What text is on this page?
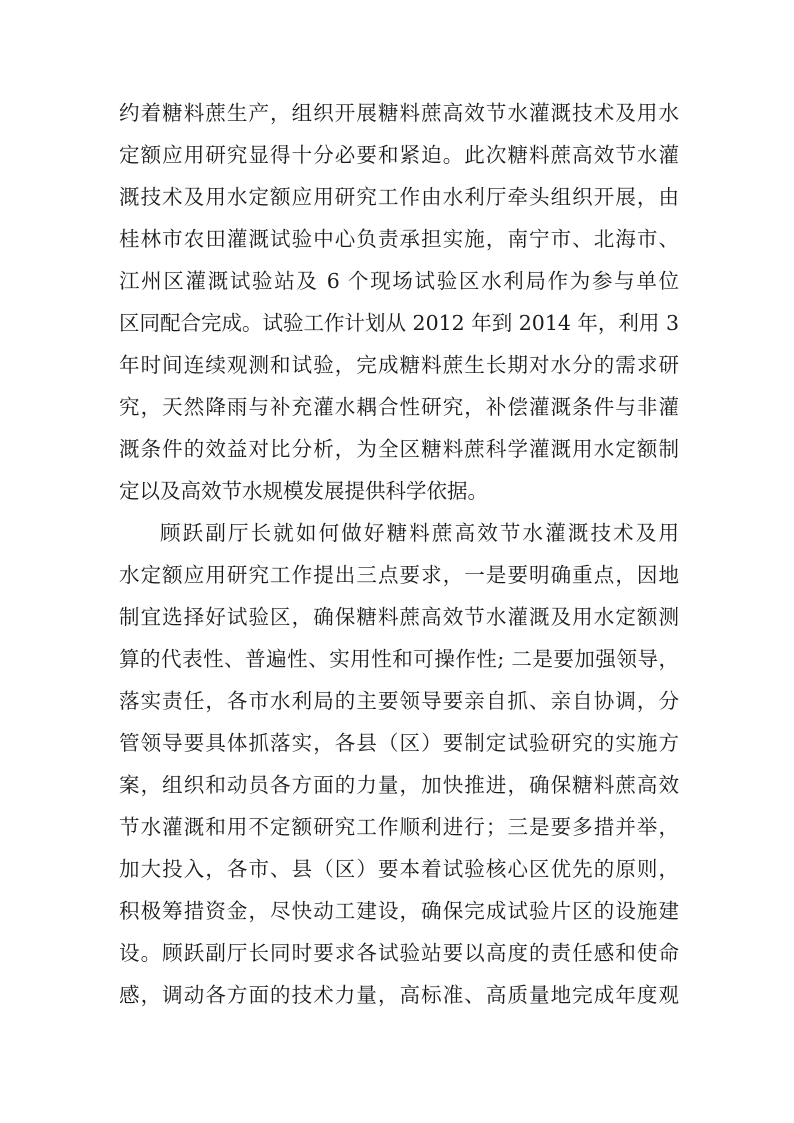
约着糖料蔗生产，组织开展糖料蔗高效节水灌溉技术及用水
定额应用研究显得十分必要和紧迫。此次糖料蔗高效节水灌
溉技术及用水定额应用研究工作由水利厅牵头组织开展，由
桂林市农田灌溉试验中心负责承担实施，南宁市、北海市、
江州区灌溉试验站及 6 个现场试验区水利局作为参与单位
区同配合完成。试验工作计划从 2012 年到 2014 年，利用 3
年时间连续观测和试验，完成糖料蔗生长期对水分的需求研
究，天然降雨与补充灌水耦合性研究，补偿灌溉条件与非灌
溉条件的效益对比分析，为全区糖料蔗科学灌溉用水定额制
定以及高效节水规模发展提供科学依据。
顾跃副厅长就如何做好糖料蔗高效节水灌溉技术及用
水定额应用研究工作提出三点要求，一是要明确重点，因地
制宜选择好试验区，确保糖料蔗高效节水灌溉及用水定额测
算的代表性、普遍性、实用性和可操作性; 二是要加强领导，
落实责任，各市水利局的主要领导要亲自抓、亲自协调，分
管领导要具体抓落实，各县（区）要制定试验研究的实施方
案，组织和动员各方面的力量，加快推进，确保糖料蔗高效
节水灌溉和用不定额研究工作顺利进行；三是要多措并举，
加大投入，各市、县（区）要本着试验核心区优先的原则，
积极筹措资金，尽快动工建设，确保完成试验片区的设施建
设。顾跃副厅长同时要求各试验站要以高度的责任感和使命
感，调动各方面的技术力量，高标准、高质量地完成年度观
